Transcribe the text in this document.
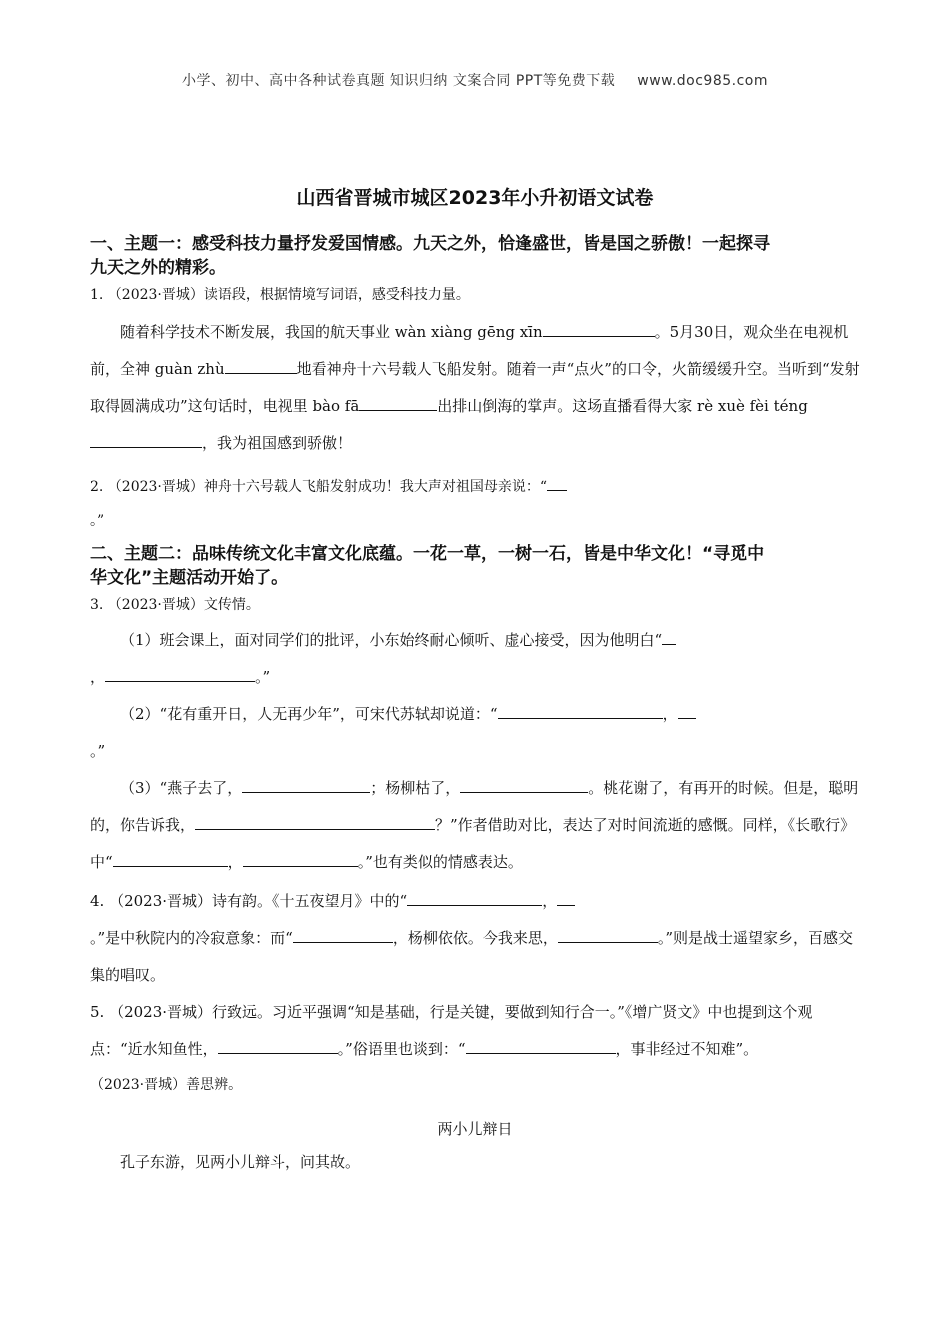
小学、初中、高中各种试卷真题 知识归纳 文案合同 PPT等免费下载 www.doc985.com
山西省晋城市城区2023年小升初语文试卷

一、主题一：感受科技力量抒发爱国情感。九天之外，恰逢盛世，皆是国之骄傲！一起探寻
九天之外的精彩。

1. （2023·晋城）读语段，根据情境写词语，感受科技力量。

随着科学技术不断发展，我国的航天事业 wàn xiàng gēng xīn	。5月30日，观众坐在电视机前，全神 guàn zhù	地看神舟十六号载人飞船发射。随着一声“点火”的口令，火箭缓缓升空。当听到“发射取得圆满成功”这句话时，电视里 bào fā	出排山倒海的掌声。这场直播看得大家 rè xuè fèi téng，我为祖国感到骄傲！

2. （2023·晋城）神舟十六号载人飞船发射成功！我大声对祖国母亲说：“

。”

二、主题二：品味传统文化丰富文化底蕴。一花一草，一树一石，皆是中华文化！“寻觅中
华文化”主题活动开始了。

3. （2023·晋城）文传情。

（1）班会课上，面对同学们的批评，小东始终耐心倾听、虚心接受，因为他明白“

，	。”

（2）“花有重开日，人无再少年”，可宋代苏轼却说道：“	，

。”

（3）“燕子去了，	；杨柳枯了，	。桃花谢了，有再开的时候。但是，聪明的，你告诉我，	？”作者借助对比，表达了对时间流逝的感慨。同样，《长歌行》中“	，	。”也有类似的情感表达。

4. （2023·晋城）诗有韵。《十五夜望月》中的“	，
。”是中秋院内的冷寂意象：而“	，杨柳依依。今我来思，	。”则是战士遥望家乡，百感交集的唱叹。

5. （2023·晋城）行致远。习近平强调“知是基础，行是关键，要做到知行合一。”《增广贤文》中也提到这个观点：“近水知鱼性，	。”俗语里也谈到：“	，事非经过不知难”。

（2023·晋城）善思辨。

两小儿辩日

孔子东游，见两小儿辩斗，问其故。
